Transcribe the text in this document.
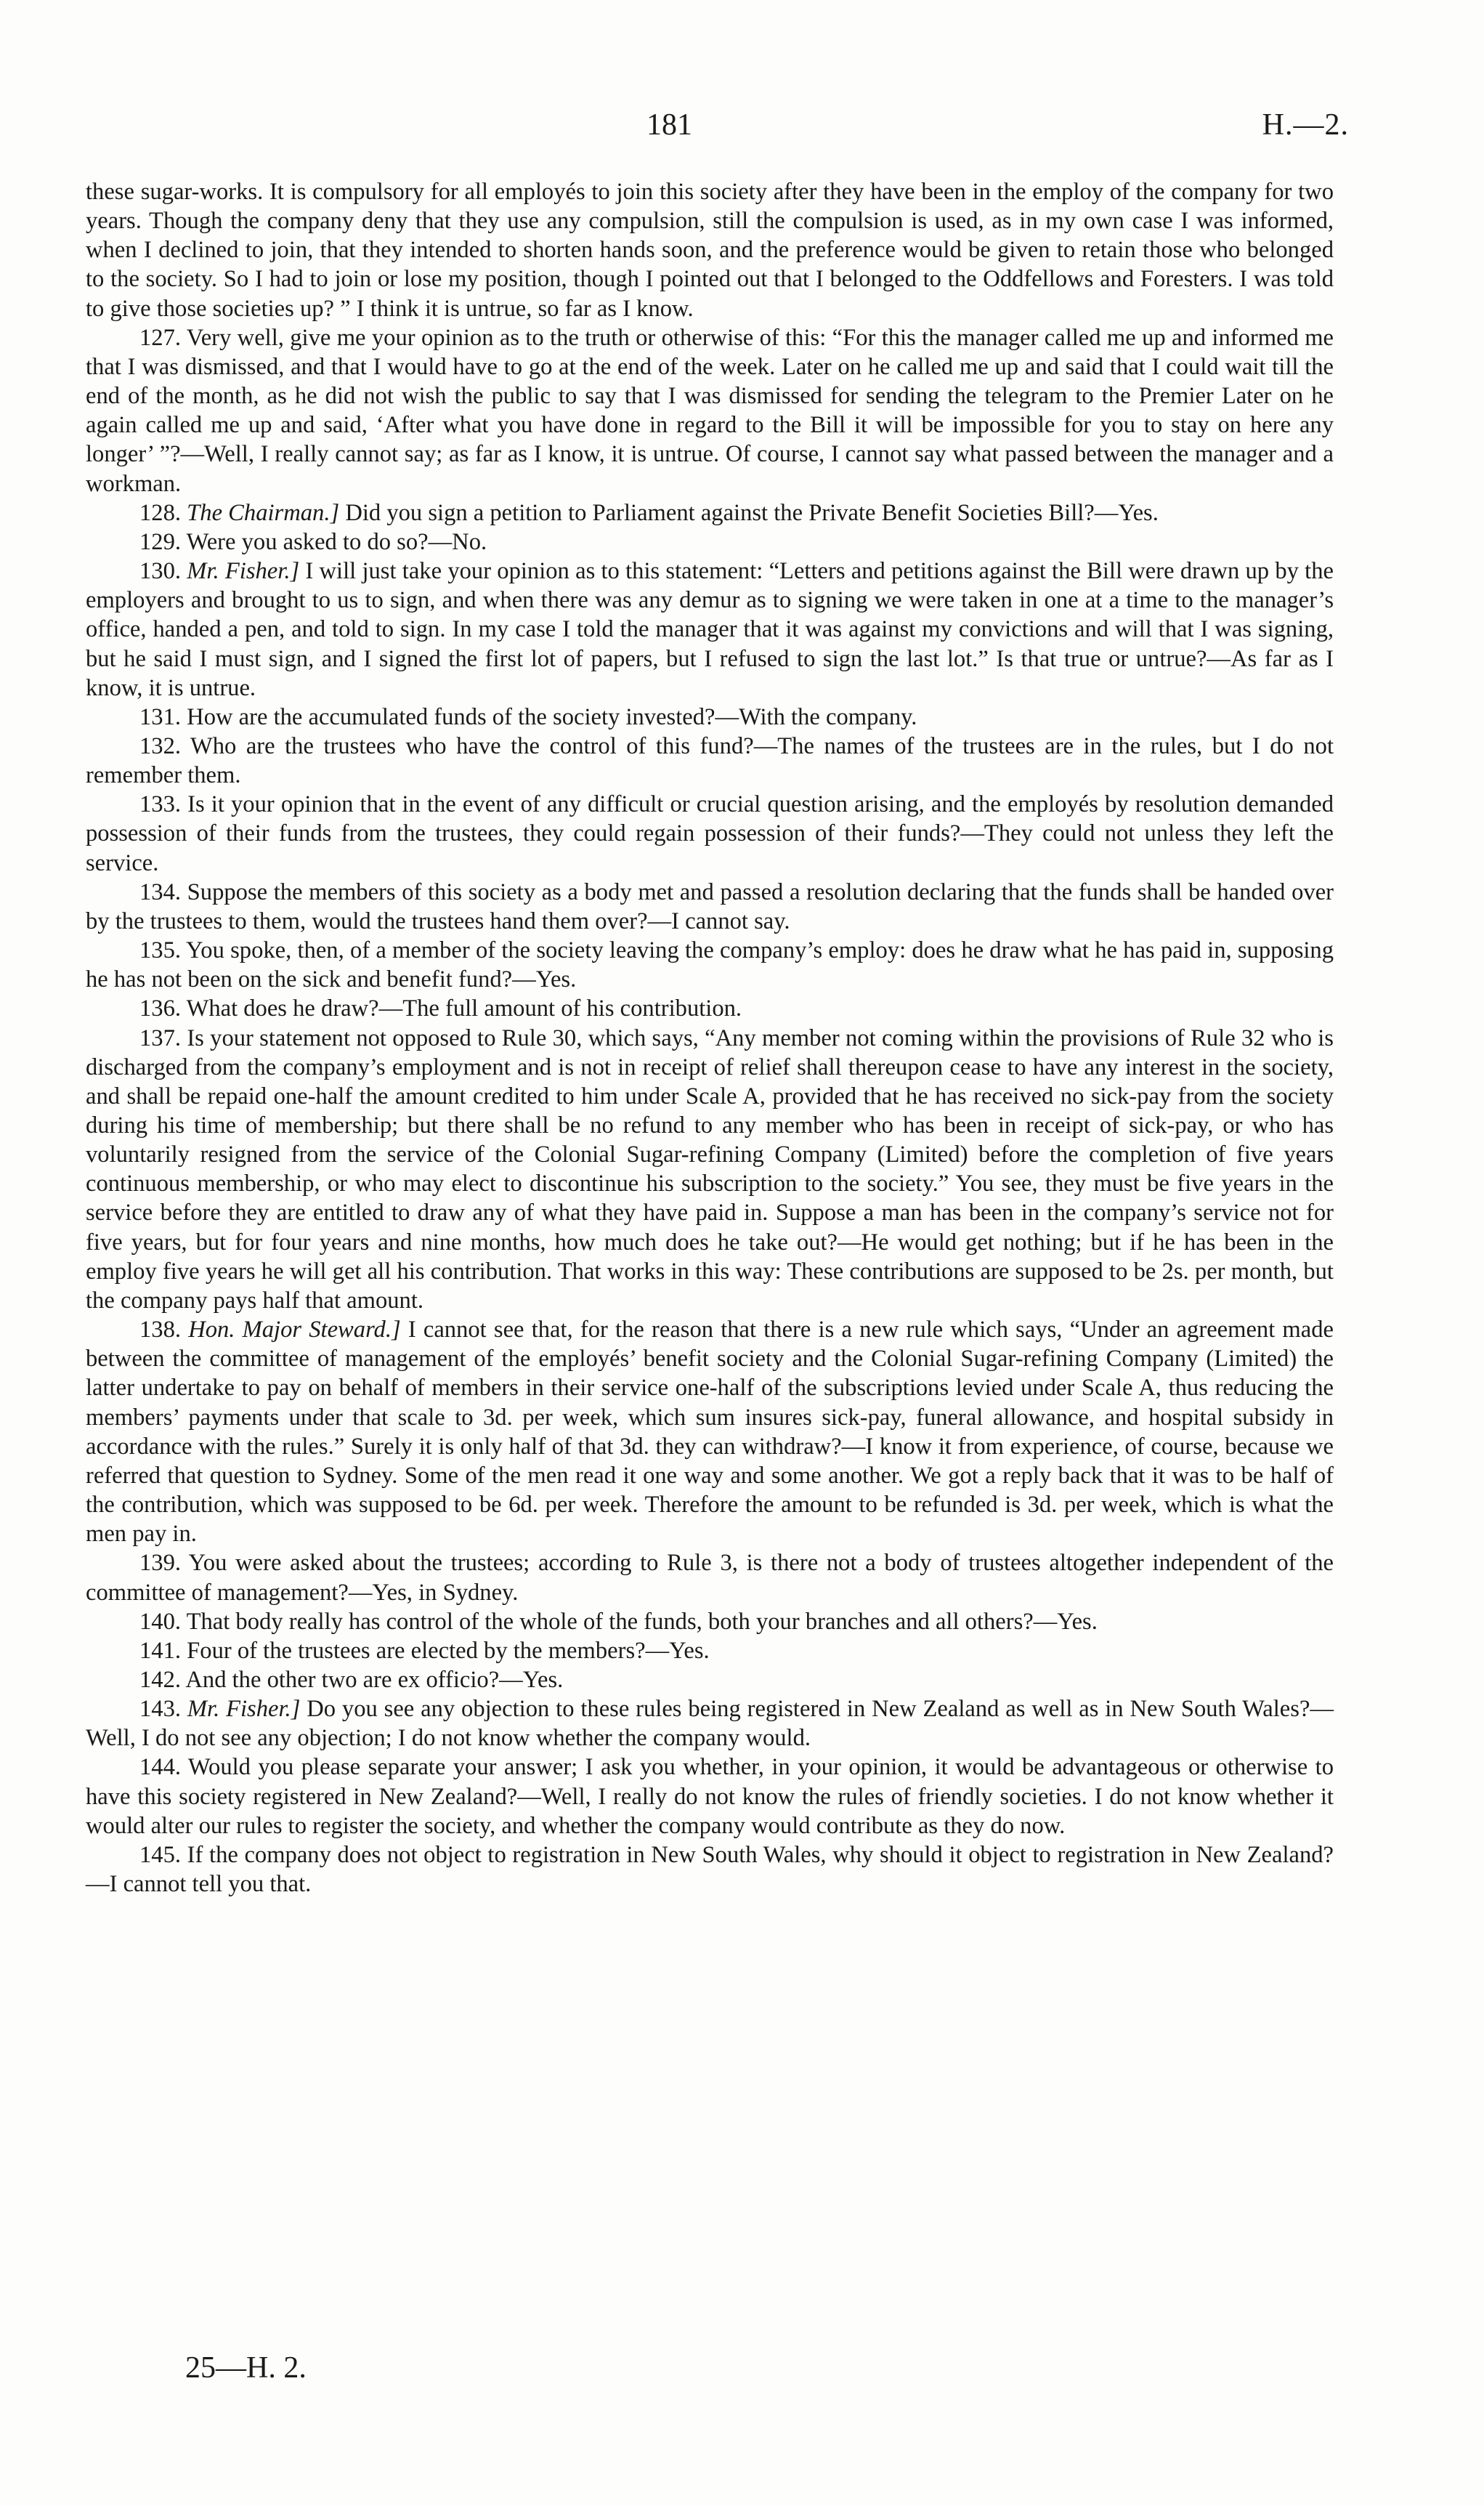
181	H.—2.

these sugar-works. It is compulsory for all employés to join this society after they have been in the employ of the company for two years. Though the company deny that they use any compulsion, still the compulsion is used, as in my own case I was informed, when I declined to join, that they intended to shorten hands soon, and the preference would be given to retain those who belonged to the society. So I had to join or lose my position, though I pointed out that I belonged to the Oddfellows and Foresters. I was told to give those societies up? ” I think it is untrue, so far as I know.

127. Very well, give me your opinion as to the truth or otherwise of this: “For this the manager called me up and informed me that I was dismissed, and that I would have to go at the end of the week. Later on he called me up and said that I could wait till the end of the month, as he did not wish the public to say that I was dismissed for sending the telegram to the Premier Later on he again called me up and said, ‘After what you have done in regard to the Bill it will be impossible for you to stay on here any longer’ ”?—Well, I really cannot say; as far as I know, it is untrue. Of course, I cannot say what passed between the manager and a workman.

128. The Chairman.] Did you sign a petition to Parliament against the Private Benefit Societies Bill?—Yes.

129. Were you asked to do so?—No.

130. Mr. Fisher.] I will just take your opinion as to this statement: “Letters and petitions against the Bill were drawn up by the employers and brought to us to sign, and when there was any demur as to signing we were taken in one at a time to the manager’s office, handed a pen, and told to sign. In my case I told the manager that it was against my convictions and will that I was signing, but he said I must sign, and I signed the first lot of papers, but I refused to sign the last lot.” Is that true or untrue?—As far as I know, it is untrue.

131. How are the accumulated funds of the society invested?—With the company.

132. Who are the trustees who have the control of this fund?—The names of the trustees are in the rules, but I do not remember them.

133. Is it your opinion that in the event of any difficult or crucial question arising, and the employés by resolution demanded possession of their funds from the trustees, they could regain possession of their funds?—They could not unless they left the service.

134. Suppose the members of this society as a body met and passed a resolution declaring that the funds shall be handed over by the trustees to them, would the trustees hand them over?—I cannot say.

135. You spoke, then, of a member of the society leaving the company’s employ: does he draw what he has paid in, supposing he has not been on the sick and benefit fund?—Yes.

136. What does he draw?—The full amount of his contribution.

137. Is your statement not opposed to Rule 30, which says, “Any member not coming within the provisions of Rule 32 who is discharged from the company’s employment and is not in receipt of relief shall thereupon cease to have any interest in the society, and shall be repaid one-half the amount credited to him under Scale A, provided that he has received no sick-pay from the society during his time of membership; but there shall be no refund to any member who has been in receipt of sick-pay, or who has voluntarily resigned from the service of the Colonial Sugar-refining Company (Limited) before the completion of five years continuous membership, or who may elect to discontinue his subscription to the society.” You see, they must be five years in the service before they are entitled to draw any of what they have paid in. Suppose a man has been in the company’s service not for five years, but for four years and nine months, how much does he take out?—He would get nothing; but if he has been in the employ five years he will get all his contribution. That works in this way: These contributions are supposed to be 2s. per month, but the company pays half that amount.

138. Hon. Major Steward.] I cannot see that, for the reason that there is a new rule which says, “Under an agreement made between the committee of management of the employés’ benefit society and the Colonial Sugar-refining Company (Limited) the latter undertake to pay on behalf of members in their service one-half of the subscriptions levied under Scale A, thus reducing the members’ payments under that scale to 3d. per week, which sum insures sick-pay, funeral allowance, and hospital subsidy in accordance with the rules.” Surely it is only half of that 3d. they can withdraw?—I know it from experience, of course, because we referred that question to Sydney. Some of the men read it one way and some another. We got a reply back that it was to be half of the contribution, which was supposed to be 6d. per week. Therefore the amount to be refunded is 3d. per week, which is what the men pay in.

139. You were asked about the trustees; according to Rule 3, is there not a body of trustees altogether independent of the committee of management?—Yes, in Sydney.

140. That body really has control of the whole of the funds, both your branches and all others?—Yes.

141. Four of the trustees are elected by the members?—Yes.

142. And the other two are ex officio?—Yes.

143. Mr. Fisher.] Do you see any objection to these rules being registered in New Zealand as well as in New South Wales?—Well, I do not see any objection; I do not know whether the company would.

144. Would you please separate your answer; I ask you whether, in your opinion, it would be advantageous or otherwise to have this society registered in New Zealand?—Well, I really do not know the rules of friendly societies. I do not know whether it would alter our rules to register the society, and whether the company would contribute as they do now.

145. If the company does not object to registration in New South Wales, why should it object to registration in New Zealand?—I cannot tell you that.

25—H. 2.
